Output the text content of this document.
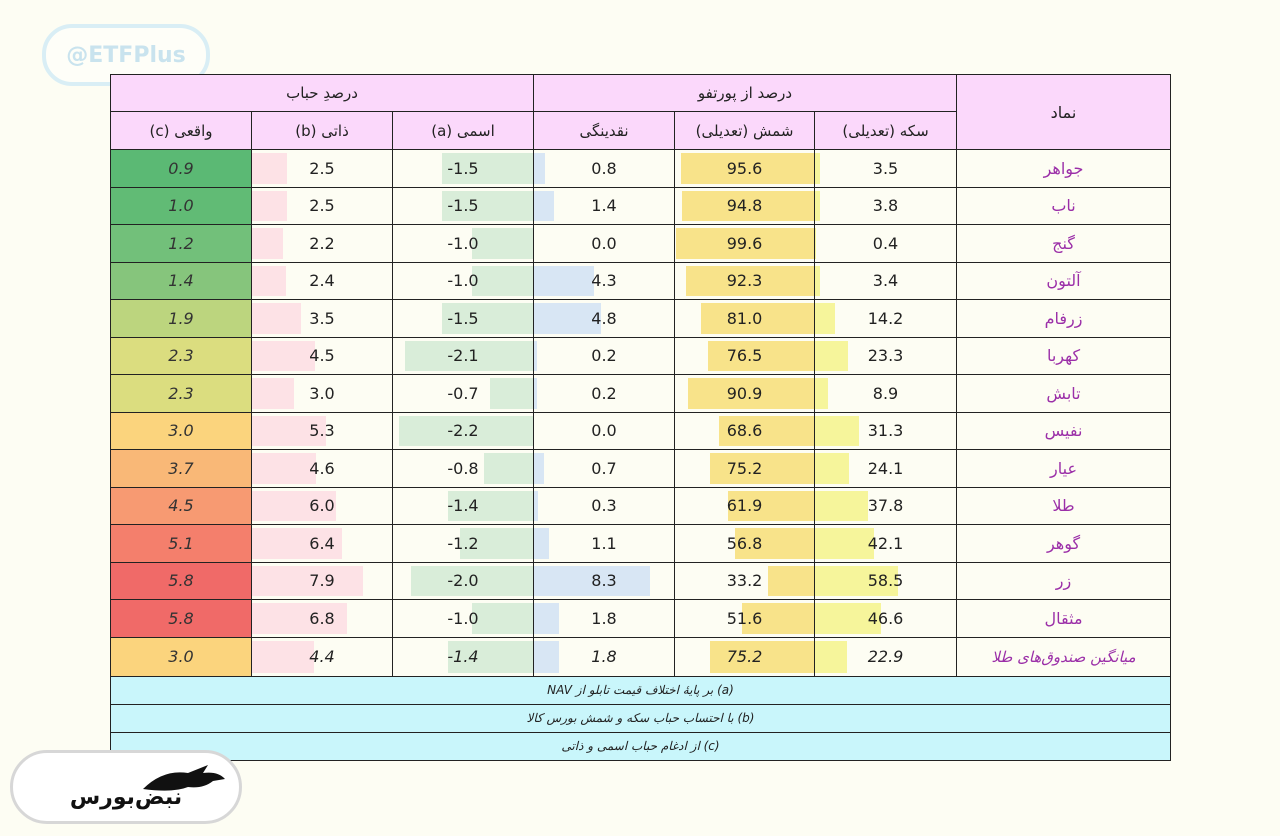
@ETFPlus
نماد	درصد از پورتفو			درصدِ حباب		
	سکه (تعدیلی)	شمش (تعدیلی)	نقدینگی	اسمی (a)	ذاتی (b)	واقعی (c)
جواهر	3.5	95.6	0.8	-1.5	2.5	0.9
ناب	3.8	94.8	1.4	-1.5	2.5	1.0
گنج	0.4	99.6	0.0	-1.0	2.2	1.2
آلتون	3.4	92.3	4.3	-1.0	2.4	1.4
زرفام	14.2	81.0	4.8	-1.5	3.5	1.9
کهربا	23.3	76.5	0.2	-2.1	4.5	2.3
تابش	8.9	90.9	0.2	-0.7	3.0	2.3
نفیس	31.3	68.6	0.0	-2.2	5.3	3.0
عیار	24.1	75.2	0.7	-0.8	4.6	3.7
طلا	37.8	61.9	0.3	-1.4	6.0	4.5
گوهر	42.1	56.8	1.1	-1.2	6.4	5.1
زر	58.5	33.2	8.3	-2.0	7.9	5.8
مثقال	46.6	51.6	1.8	-1.0	6.8	5.8
میانگین صندوق‌های طلا	22.9	75.2	1.8	-1.4	4.4	3.0
(a) بر پایهٔ اختلاف قیمت تابلو از NAV						
(b) با احتساب حباب سکه و شمش بورس کالا						
(c) از ادغام حباب اسمی و ذاتی						
نبض‌بورس
